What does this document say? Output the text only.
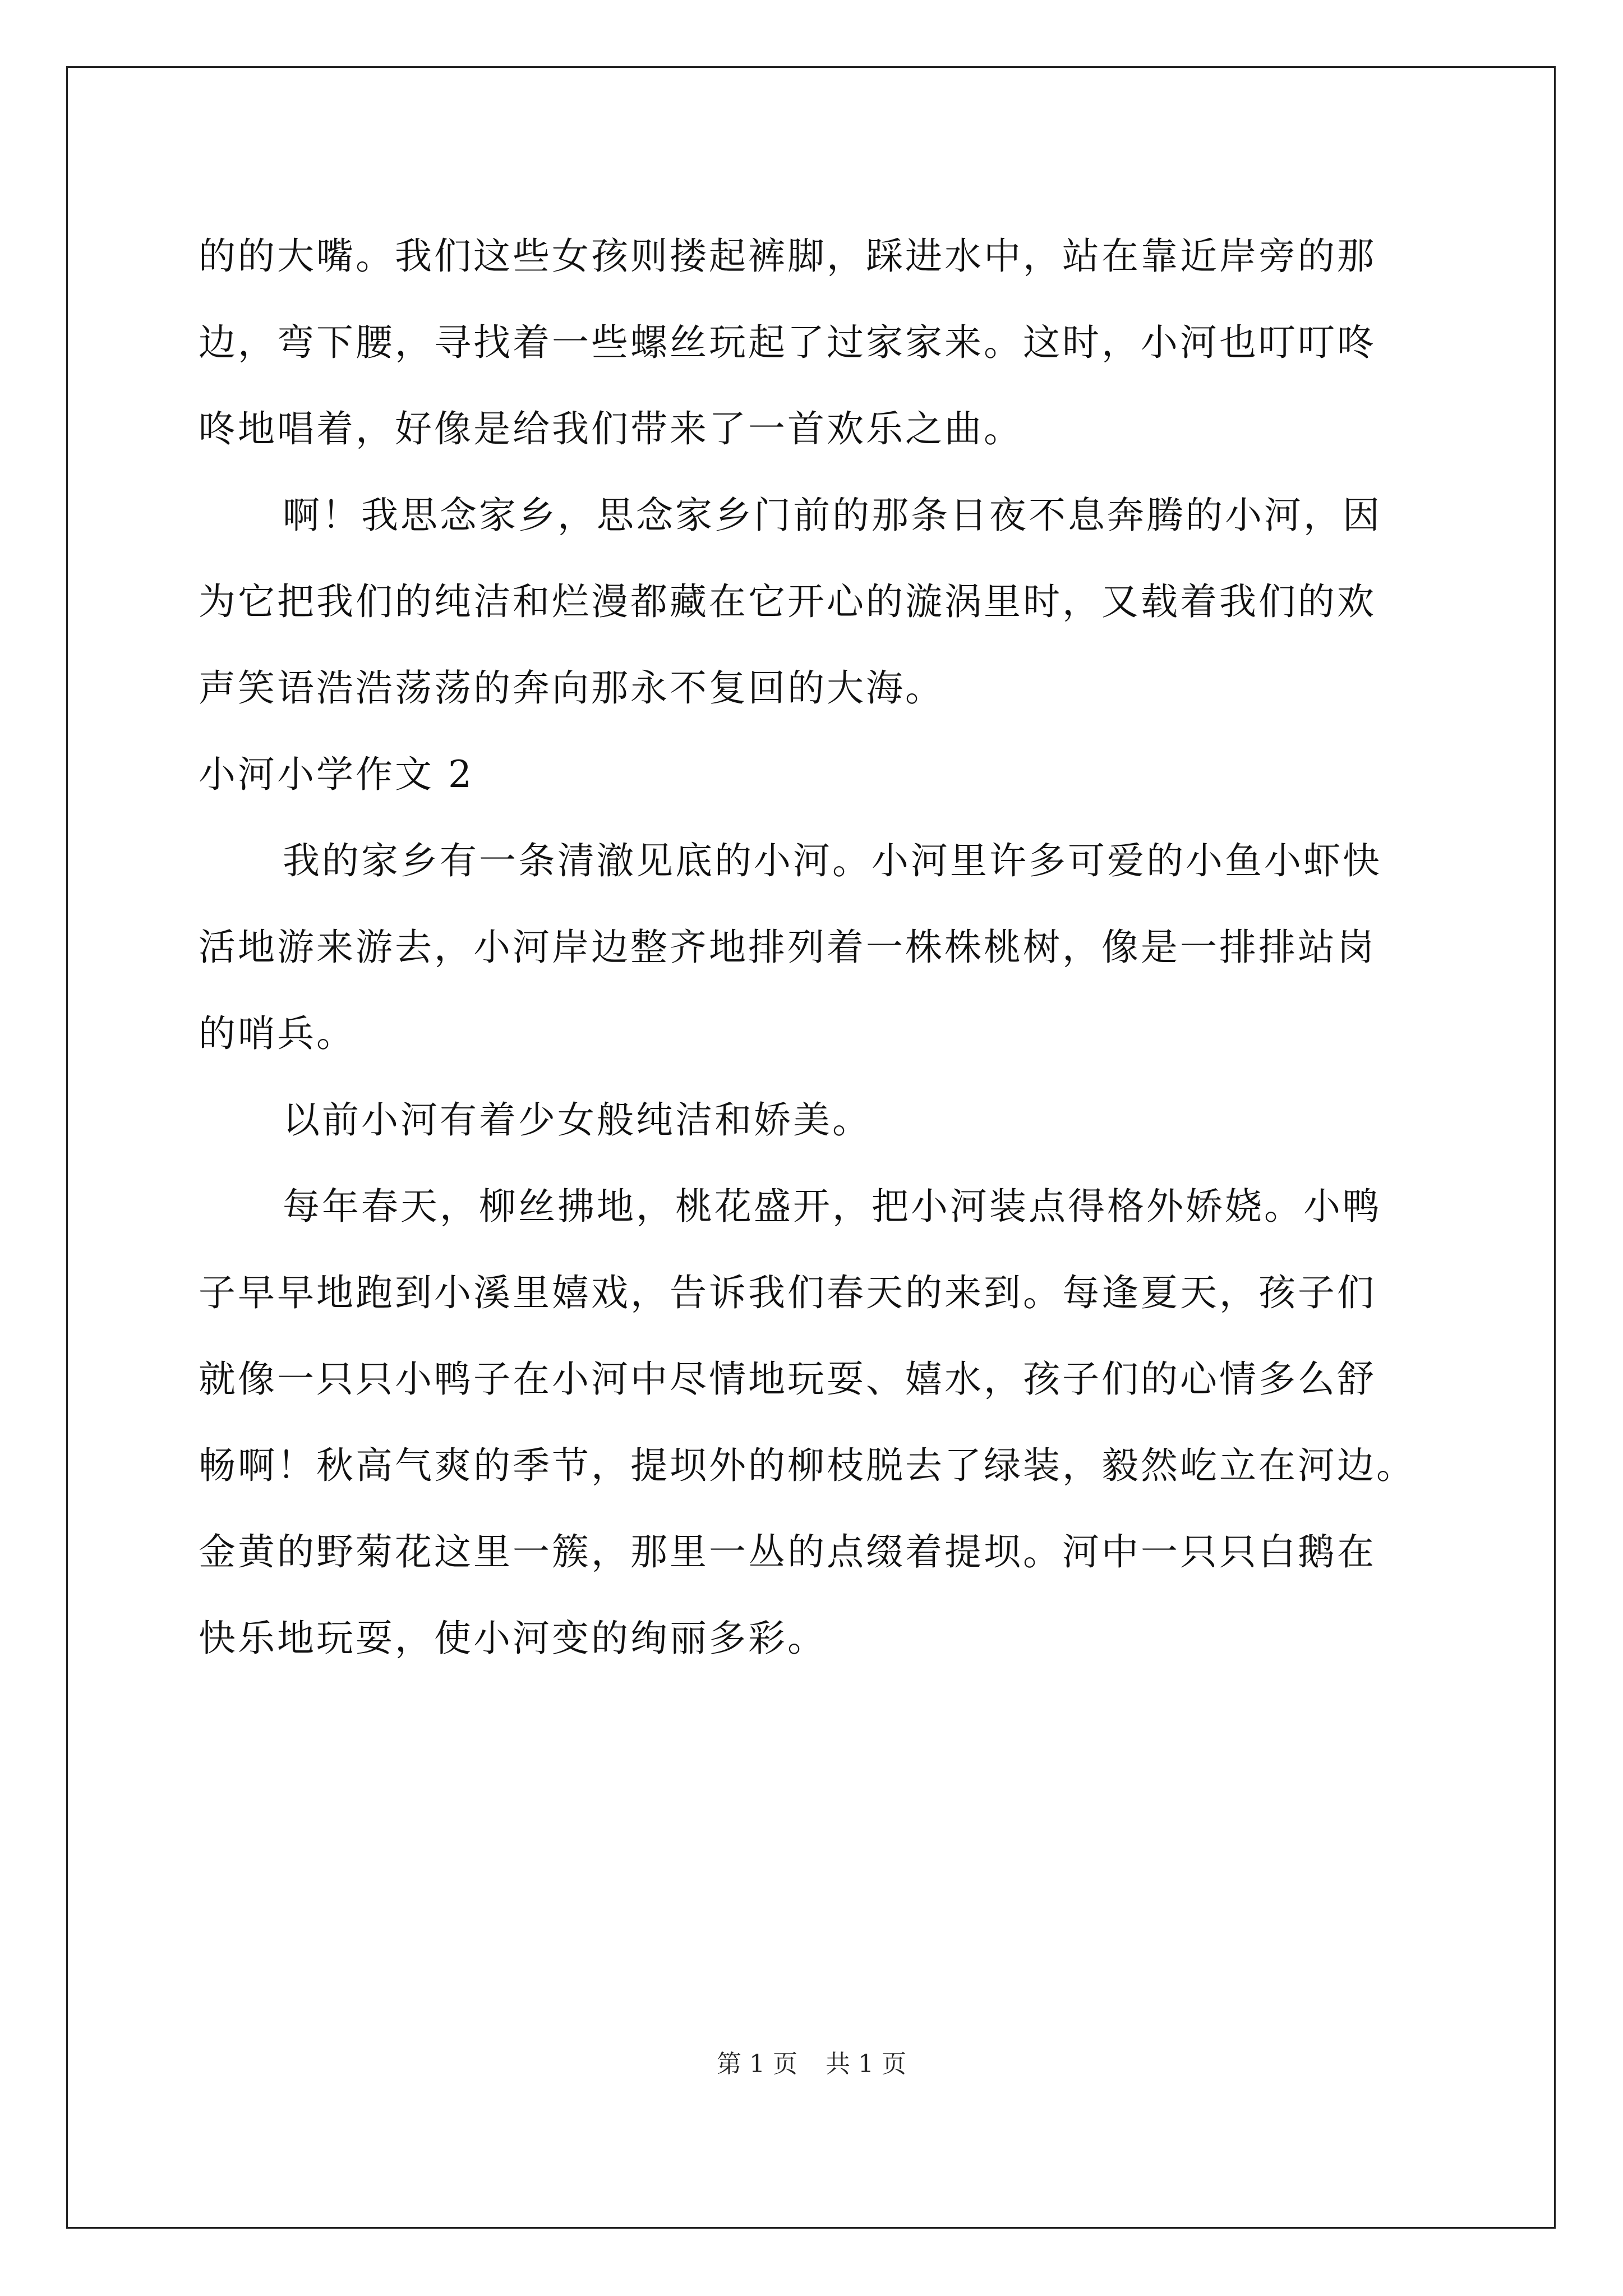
的的大嘴。我们这些女孩则搂起裤脚，踩进水中，站在靠近岸旁的那
边，弯下腰，寻找着一些螺丝玩起了过家家来。这时，小河也叮叮咚
咚地唱着，好像是给我们带来了一首欢乐之曲。
啊！我思念家乡，思念家乡门前的那条日夜不息奔腾的小河，因
为它把我们的纯洁和烂漫都藏在它开心的漩涡里时，又载着我们的欢
声笑语浩浩荡荡的奔向那永不复回的大海。
小河小学作文 2
我的家乡有一条清澈见底的小河。小河里许多可爱的小鱼小虾快
活地游来游去，小河岸边整齐地排列着一株株桃树，像是一排排站岗
的哨兵。
以前小河有着少女般纯洁和娇美。
每年春天，柳丝拂地，桃花盛开，把小河装点得格外娇娆。小鸭
子早早地跑到小溪里嬉戏，告诉我们春天的来到。每逢夏天，孩子们
就像一只只小鸭子在小河中尽情地玩耍、嬉水，孩子们的心情多么舒
畅啊！秋高气爽的季节，提坝外的柳枝脱去了绿装，毅然屹立在河边。
金黄的野菊花这里一簇，那里一丛的点缀着提坝。河中一只只白鹅在
快乐地玩耍，使小河变的绚丽多彩。
第 1 页 共 1 页
